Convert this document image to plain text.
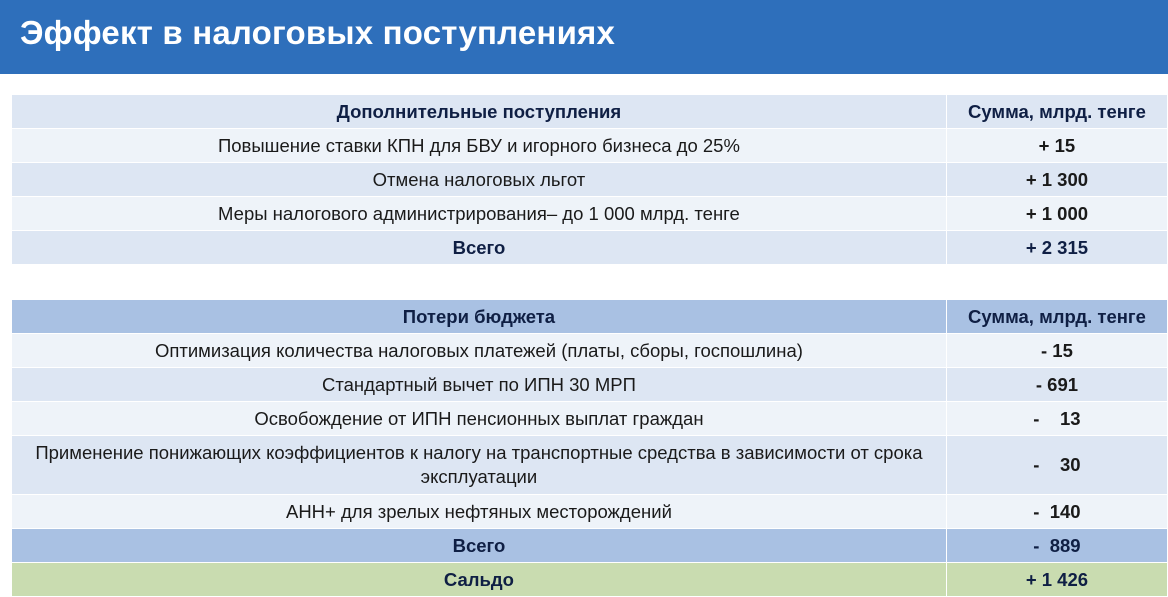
Эффект в налоговых поступлениях
Дополнительные поступления	Сумма, млрд. тенге
Повышение ставки КПН для БВУ и игорного бизнеса до 25%	+ 15
Отмена налоговых льгот	+ 1 300
Меры налогового администрирования– до 1 000 млрд. тенге	+ 1 000
Всего	+ 2 315
Потери бюджета	Сумма, млрд. тенге
Оптимизация количества налоговых платежей (платы, сборы, госпошлина)	- 15
Стандартный вычет по ИПН 30 МРП	- 691
Освобождение от ИПН пенсионных выплат граждан	-    13
Применение понижающих коэффициентов к налогу на транспортные средства в зависимости от срока эксплуатации	-    30
АНН+ для зрелых нефтяных месторождений	-  140
Всего	-  889
Сальдо	+ 1 426
